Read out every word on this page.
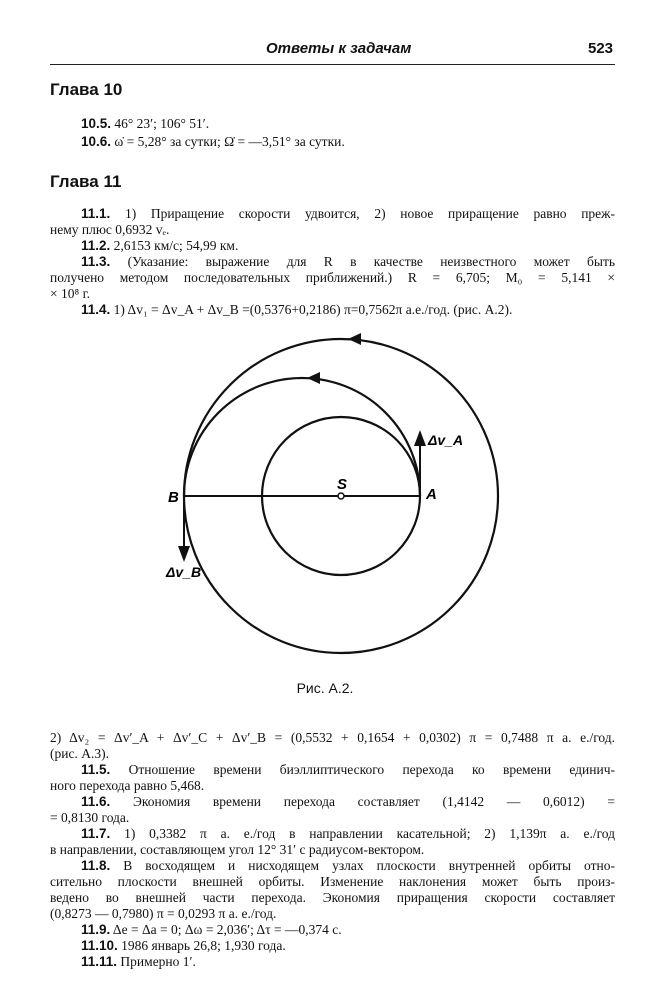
Ответы к задачам	523
Глава 10
10.5. 46° 23′; 106° 51′.
10.6. ω̇ = 5,28° за сутки; Ω̇ = —3,51° за сутки.
Глава 11
11.1. 1) Приращение скорости удвоится, 2) новое приращение равно преж-
нему плюс 0,6932 vₑ.
11.2. 2,6153 км/с; 54,99 км.
11.3. (Указание: выражение для R в качестве неизвестного может быть
получено методом последовательных приближений.) R = 6,705; M₀ = 5,141 ×
× 10⁸ г.
11.4. 1) Δv₁ = Δv_A + Δv_B =(0,5376+0,2186) π=0,7562π а.е./год. (рис. А.2).
S
A
B
Δv_A
Δv_B
Рис. А.2.
2) Δv₂ = Δv′_A + Δv′_C + Δv′_B = (0,5532 + 0,1654 + 0,0302) π = 0,7488 π а. е./год.
(рис. А.3).
11.5. Отношение времени биэллиптического перехода ко времени единич-
ного перехода равно 5,468.
11.6. Экономия времени перехода составляет (1,4142 — 0,6012) =
= 0,8130 года.
11.7. 1) 0,3382 π а. е./год в направлении касательной; 2) 1,139π а. е./год
в направлении, составляющем угол 12° 31′ с радиусом-вектором.
11.8. В восходящем и нисходящем узлах плоскости внутренней орбиты отно-
сительно плоскости внешней орбиты. Изменение наклонения может быть произ-
ведено во внешней части перехода. Экономия приращения скорости составляет
(0,8273 — 0,7980) π = 0,0293 π а. е./год.
11.9. Δe = Δa = 0; Δω = 2,036′; Δτ = —0,374 с.
11.10. 1986 январь 26,8; 1,930 года.
11.11. Примерно 1′.
